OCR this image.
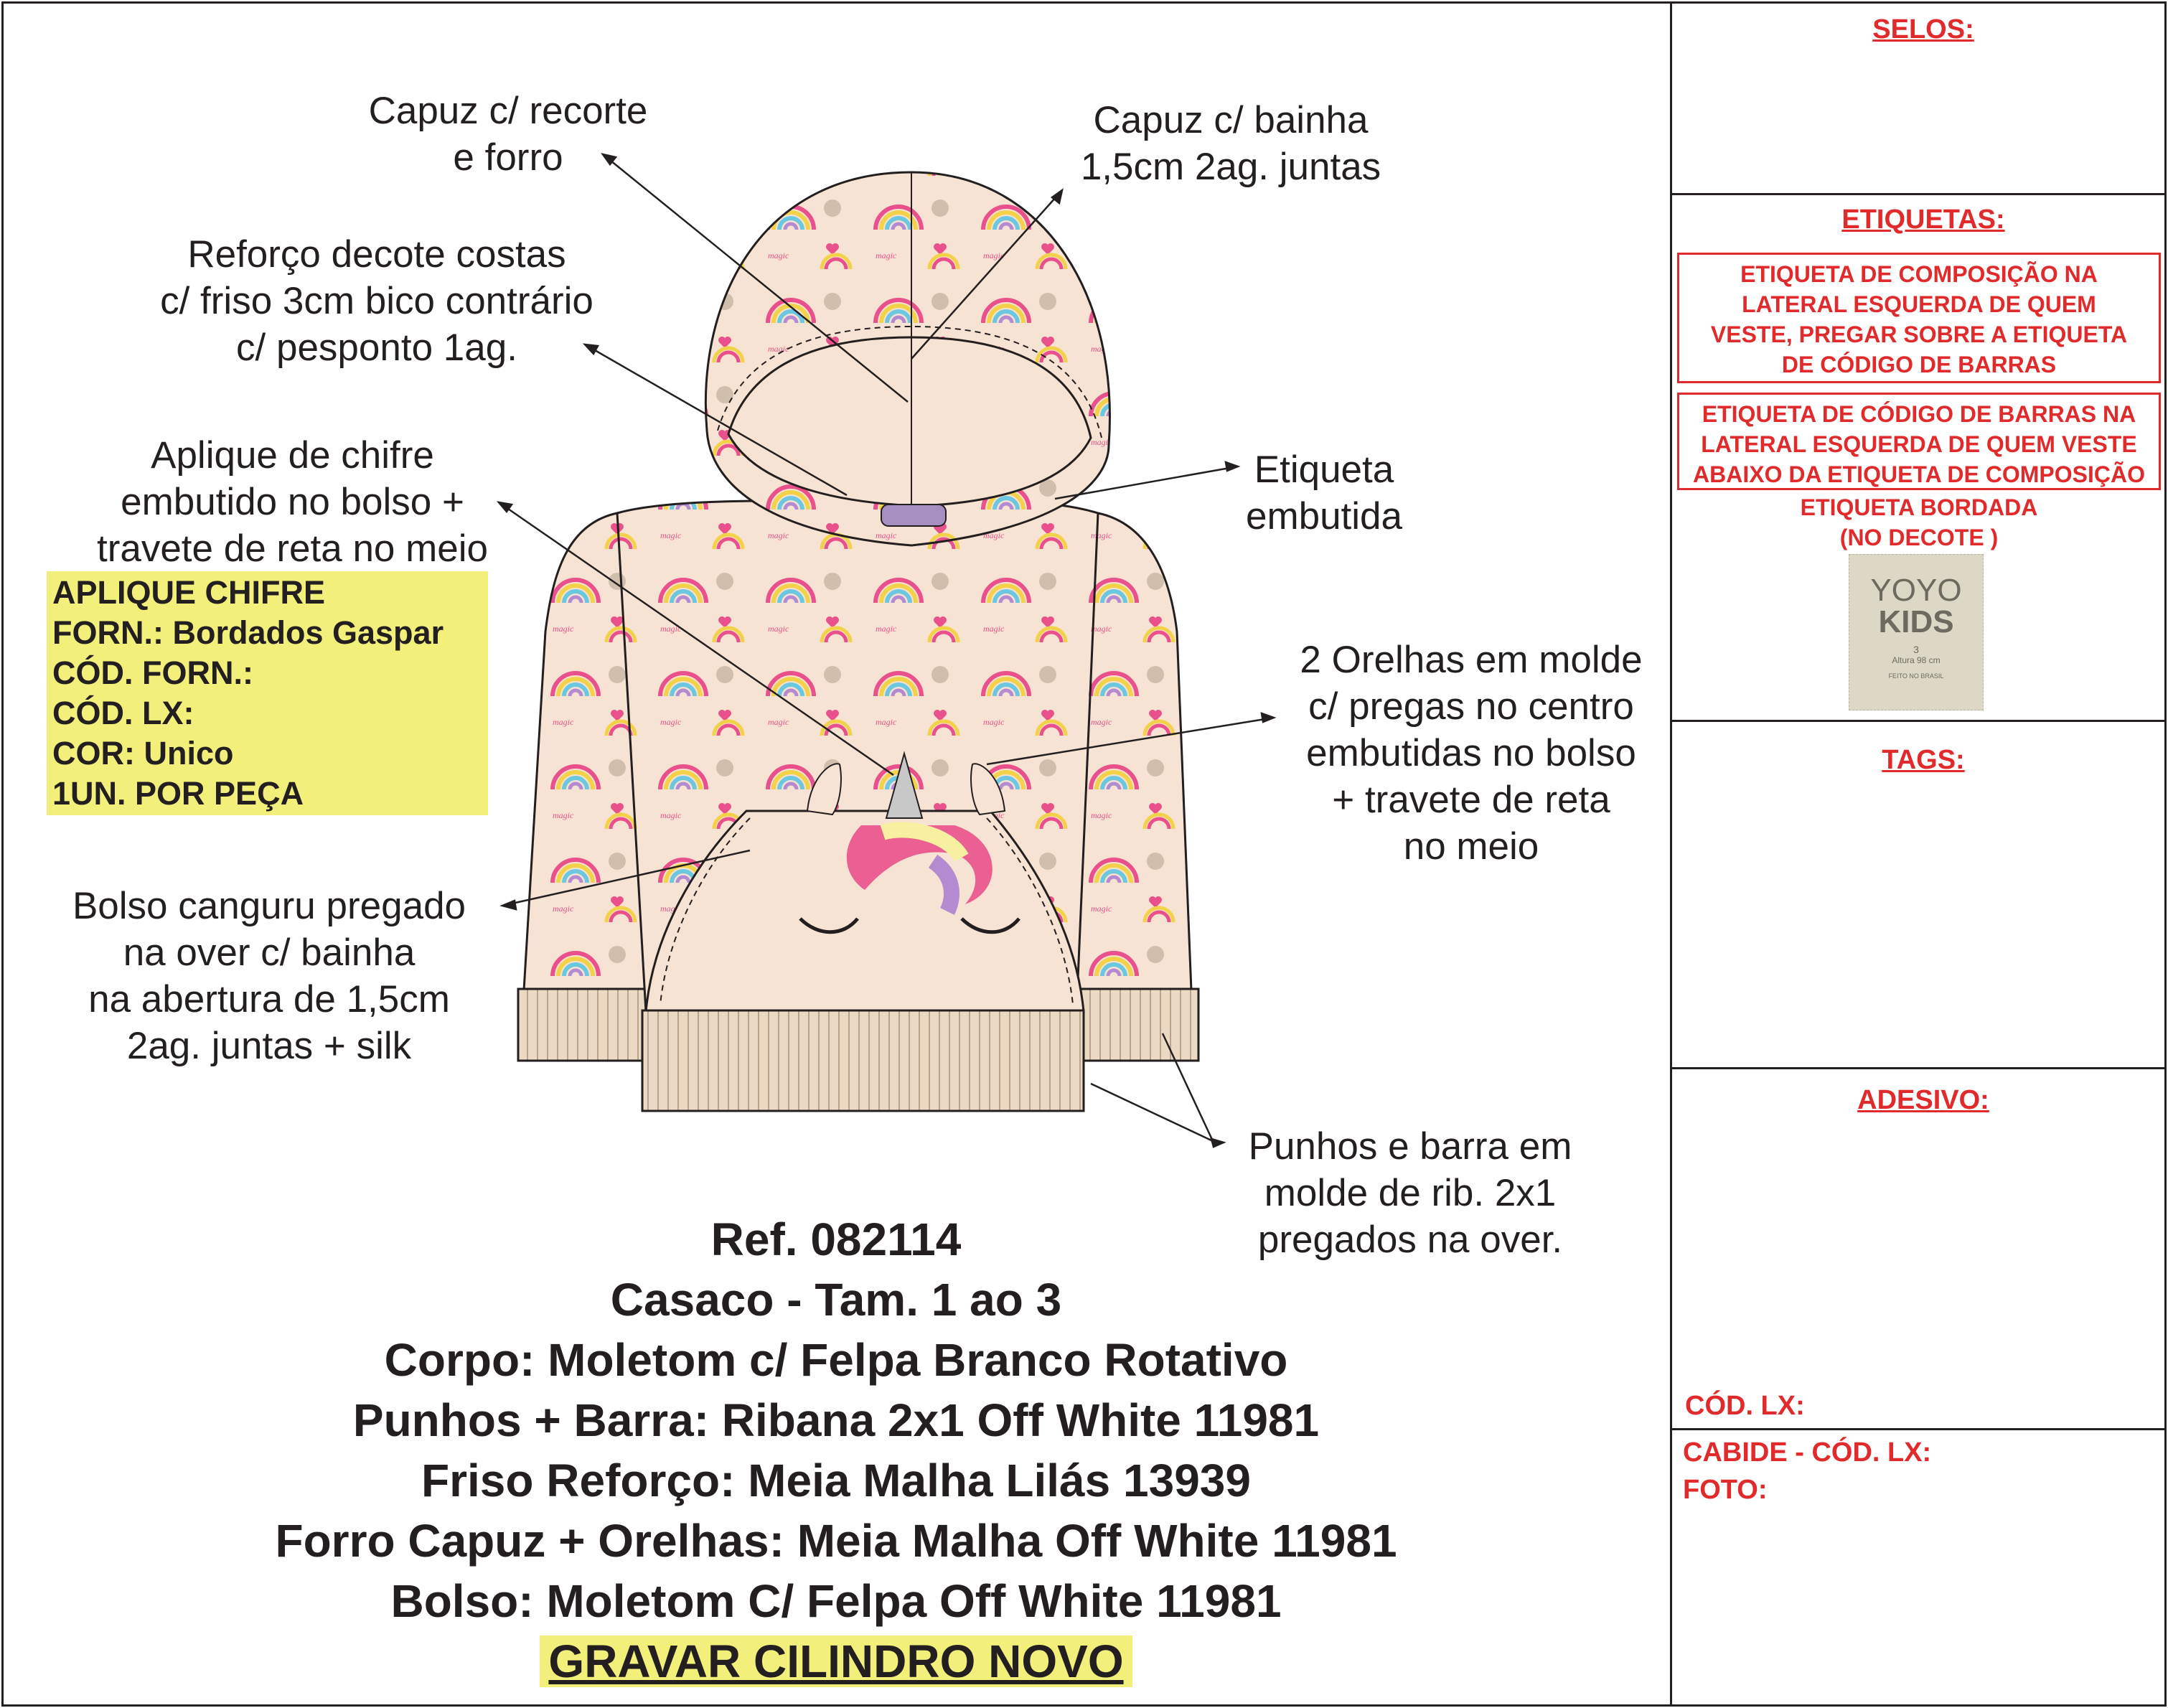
Capuz c/ recorte
e forro
Capuz c/ bainha
1,5cm 2ag. juntas
Reforço decote costas
c/ friso 3cm bico contrário
c/ pesponto 1ag.
Aplique de chifre
embutido no bolso +
travete de reta no meio
Etiqueta
embutida
2 Orelhas em molde
c/ pregas no centro
embutidas no bolso
+ travete de reta
no meio
Bolso canguru pregado
na over c/ bainha
na abertura de 1,5cm
2ag. juntas + silk
Punhos e barra em
molde de rib. 2x1
pregados na over.
APLIQUE CHIFRE
FORN.: Bordados Gaspar
CÓD. FORN.:
CÓD. LX:
COR: Unico
1UN. POR PEÇA
Ref. 082114
Casaco - Tam. 1 ao 3
Corpo: Moletom c/ Felpa Branco Rotativo
Punhos + Barra: Ribana 2x1 Off White 11981
Friso Reforço: Meia Malha Lilás 13939
Forro Capuz + Orelhas: Meia Malha Off White 11981
Bolso: Moletom C/ Felpa Off White 11981
GRAVAR CILINDRO NOVO
SELOS:
ETIQUETAS:
ETIQUETA DE COMPOSIÇÃO NA
LATERAL ESQUERDA DE QUEM
VESTE, PREGAR SOBRE A ETIQUETA
DE CÓDIGO DE BARRAS
ETIQUETA DE CÓDIGO DE BARRAS NA
LATERAL ESQUERDA DE QUEM VESTE
ABAIXO DA ETIQUETA DE COMPOSIÇÃO
ETIQUETA BORDADA
(NO DECOTE )
YOYO
KIDS
3
Altura 98 cm
FEITO NO BRASIL
TAGS:
ADESIVO:
CÓD. LX:
CABIDE - CÓD. LX:
FOTO:
